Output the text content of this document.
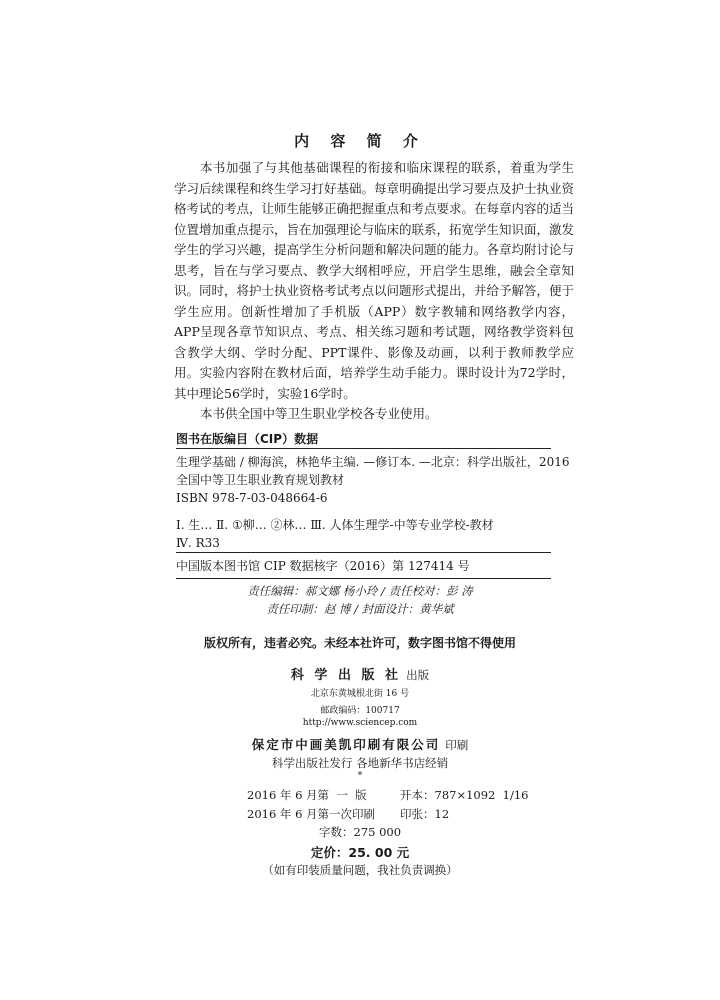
内 容 简 介

本书加强了与其他基础课程的衔接和临床课程的联系，着重为学生学习后续课程和终生学习打好基础。每章明确提出学习要点及护士执业资格考试的考点，让师生能够正确把握重点和考点要求。在每章内容的适当位置增加重点提示，旨在加强理论与临床的联系，拓宽学生知识面，激发学生的学习兴趣，提高学生分析问题和解决问题的能力。各章均附讨论与思考，旨在与学习要点、教学大纲相呼应，开启学生思维，融会全章知识。同时，将护士执业资格考试考点以问题形式提出，并给予解答，便于学生应用。创新性增加了手机版（APP）数字教辅和网络教学内容，APP呈现各章节知识点、考点、相关练习题和考试题，网络教学资料包含教学大纲、学时分配、PPT课件、影像及动画，以利于教师教学应用。实验内容附在教材后面，培养学生动手能力。课时设计为72学时，其中理论56学时，实验16学时。

本书供全国中等卫生职业学校各专业使用。

图书在版编目（CIP）数据
生理学基础 / 柳海滨，林艳华主编. —修订本. —北京：科学出版社，2016
全国中等卫生职业教育规划教材
ISBN 978-7-03-048664-6
Ⅰ. 生… Ⅱ. ①柳… ②林… Ⅲ. 人体生理学-中等专业学校-教材
Ⅳ. R33
中国版本图书馆 CIP 数据核字（2016）第 127414 号
责任编辑：郝文娜 杨小玲 / 责任校对：彭 涛
责任印制：赵 博 / 封面设计：黄华斌
版权所有，违者必究。未经本社许可，数字图书馆不得使用
科 学 出 版 社 出版
北京东黄城根北街 16 号
邮政编码：100717
http://www.sciencep.com
保定市中画美凯印刷有限公司 印刷
科学出版社发行 各地新华书店经销
*
2016 年 6 月第  一  版	开本：787×1092  1/16
2016 年 6 月第一次印刷 印张：12
字数：275 000
定价：25. 00 元
（如有印装质量问题，我社负责调换）
